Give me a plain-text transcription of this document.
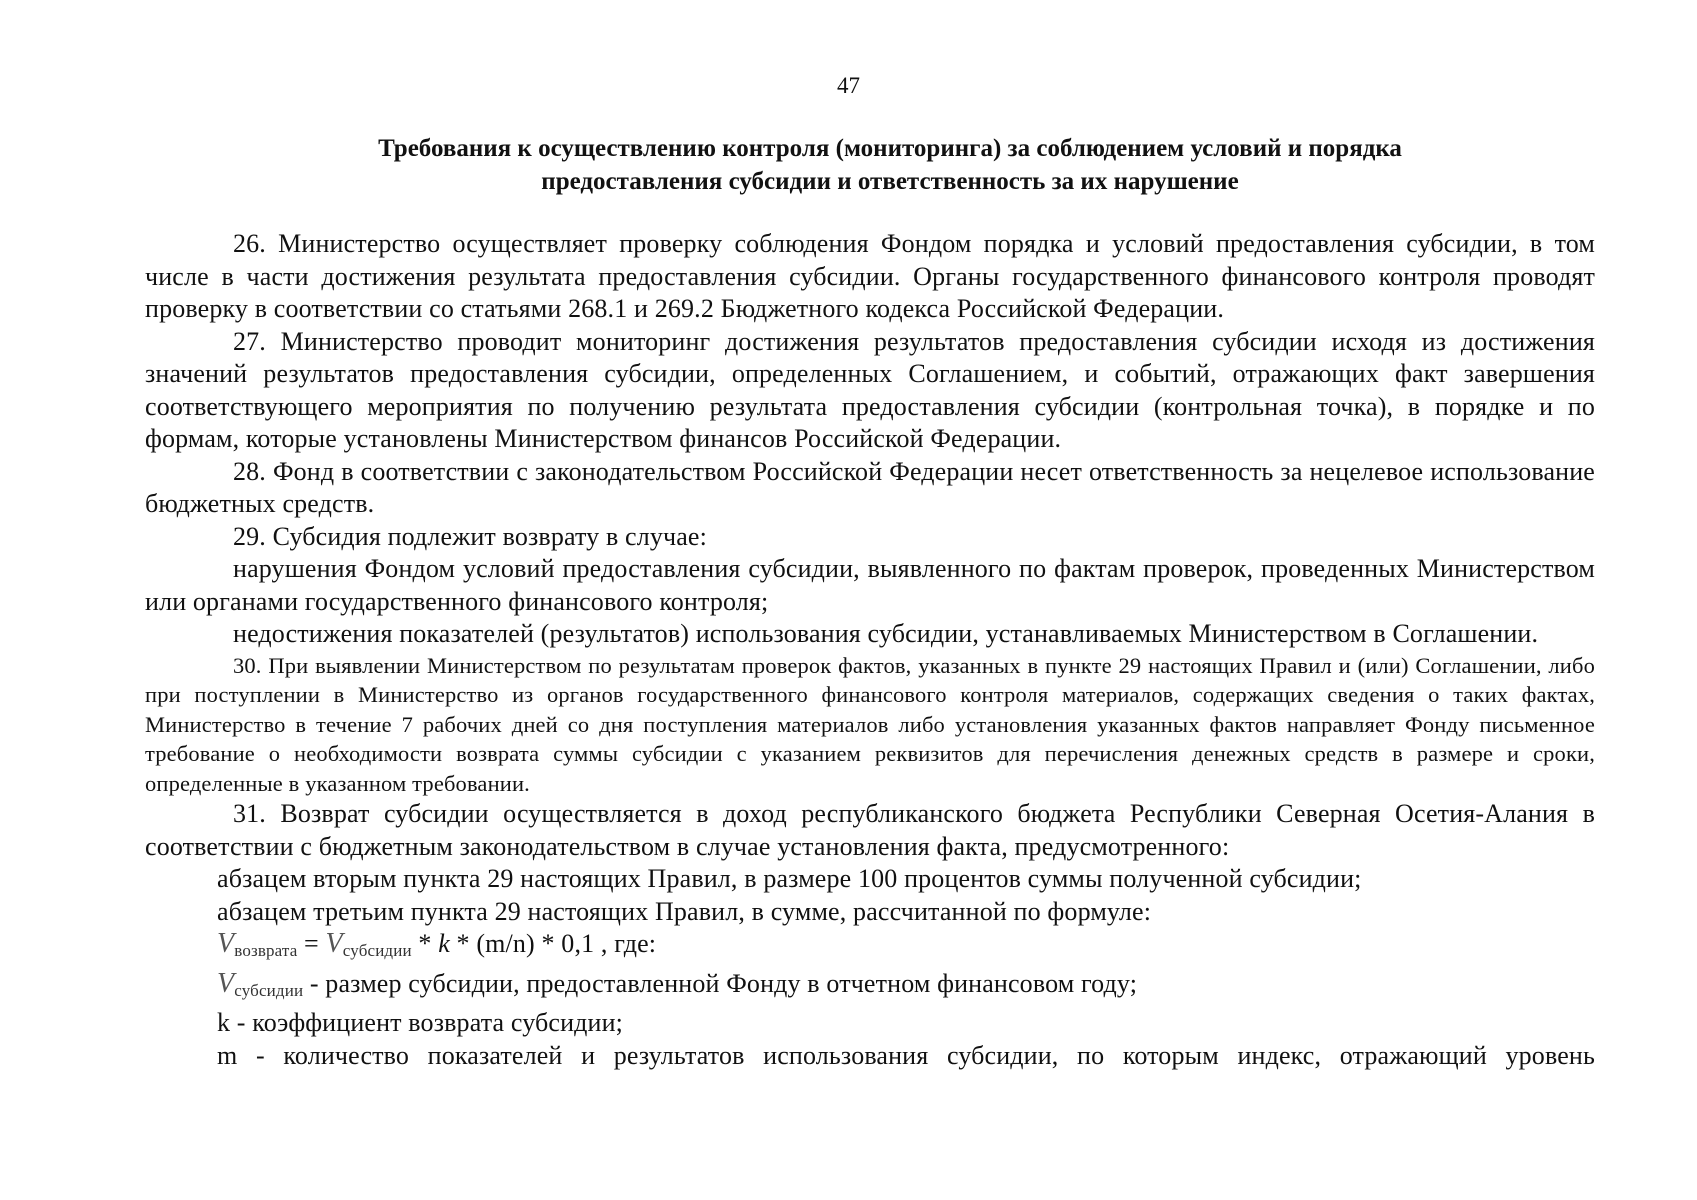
47
Требования к осуществлению контроля (мониторинга) за соблюдением условий и порядка
предоставления субсидии и ответственность за их нарушение

26. Министерство осуществляет проверку соблюдения Фондом порядка и условий предоставления субсидии, в том числе в части достижения результата предоставления субсидии. Органы государственного финансового контроля проводят проверку в соответствии со статьями 268.1 и 269.2 Бюджетного кодекса Российской Федерации.

27. Министерство проводит мониторинг достижения результатов предоставления субсидии исходя из достижения значений результатов предоставления субсидии, определенных Соглашением, и событий, отражающих факт завершения соответствующего мероприятия по получению результата предоставления субсидии (контрольная точка), в порядке и по формам, которые установлены Министерством финансов Российской Федерации.

28. Фонд в соответствии с законодательством Российской Федерации несет ответственность за нецелевое использование бюджетных средств.

29. Субсидия подлежит возврату в случае:

нарушения Фондом условий предоставления субсидии, выявленного по фактам проверок, проведенных Министерством или органами государственного финансового контроля;

недостижения показателей (результатов) использования субсидии, устанавливаемых Министерством в Соглашении.

30. При выявлении Министерством по результатам проверок фактов, указанных в пункте 29 настоящих Правил и (или) Соглашении, либо при поступлении в Министерство из органов государственного финансового контроля материалов, содержащих сведения о таких фактах, Министерство в течение 7 рабочих дней со дня поступления материалов либо установления указанных фактов направляет Фонду письменное требование о необходимости возврата суммы субсидии с указанием реквизитов для перечисления денежных средств в размере и сроки, определенные в указанном требовании.

31. Возврат субсидии осуществляется в доход республиканского бюджета Республики Северная Осетия-Алания в соответствии с бюджетным законодательством в случае установления факта, предусмотренного:

абзацем вторым пункта 29 настоящих Правил, в размере 100 процентов суммы полученной субсидии;

абзацем третьим пункта 29 настоящих Правил, в сумме, рассчитанной по формуле:

$V_{возврата} = V_{субсидии} * k * (m/n) * 0,1$ , где:

$V_{субсидии}$ - размер субсидии, предоставленной Фонду в отчетном финансовом году;

k - коэффициент возврата субсидии;

m - количество показателей и результатов использования субсидии, по которым индекс, отражающий уровень
